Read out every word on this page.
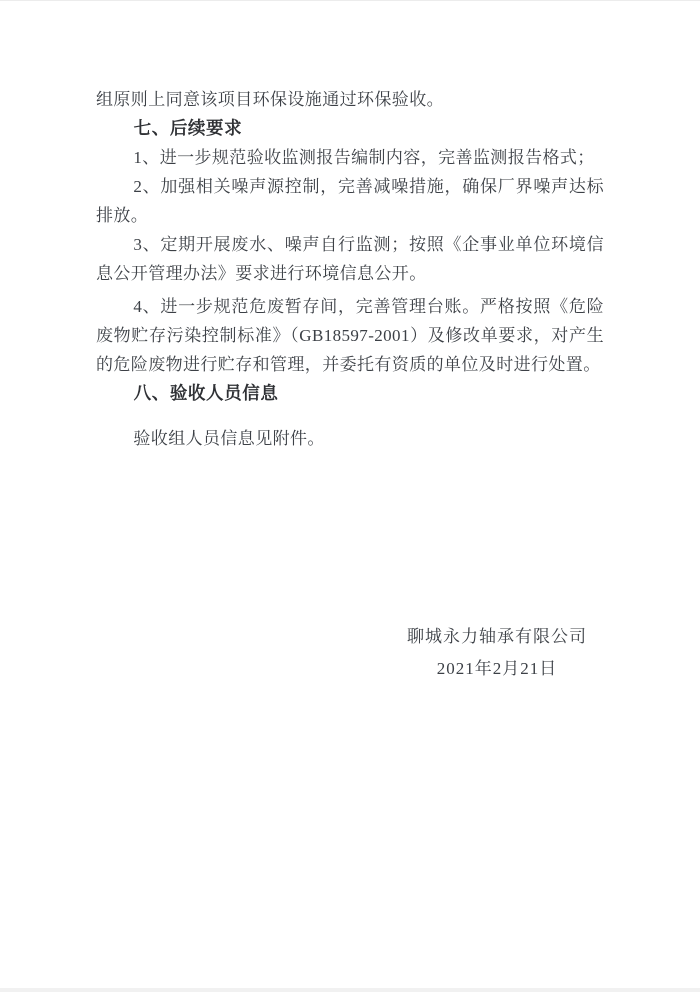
组原则上同意该项目环保设施通过环保验收。

七、后续要求

1、进一步规范验收监测报告编制内容，完善监测报告格式；

2、加强相关噪声源控制，完善减噪措施，确保厂界噪声达标排放。

3、定期开展废水、噪声自行监测；按照《企事业单位环境信息公开管理办法》要求进行环境信息公开。

4、进一步规范危废暂存间，完善管理台账。严格按照《危险废物贮存污染控制标准》（GB18597-2001）及修改单要求，对产生的危险废物进行贮存和管理，并委托有资质的单位及时进行处置。

八、验收人员信息

验收组人员信息见附件。

聊城永力轴承有限公司

2021年2月21日
